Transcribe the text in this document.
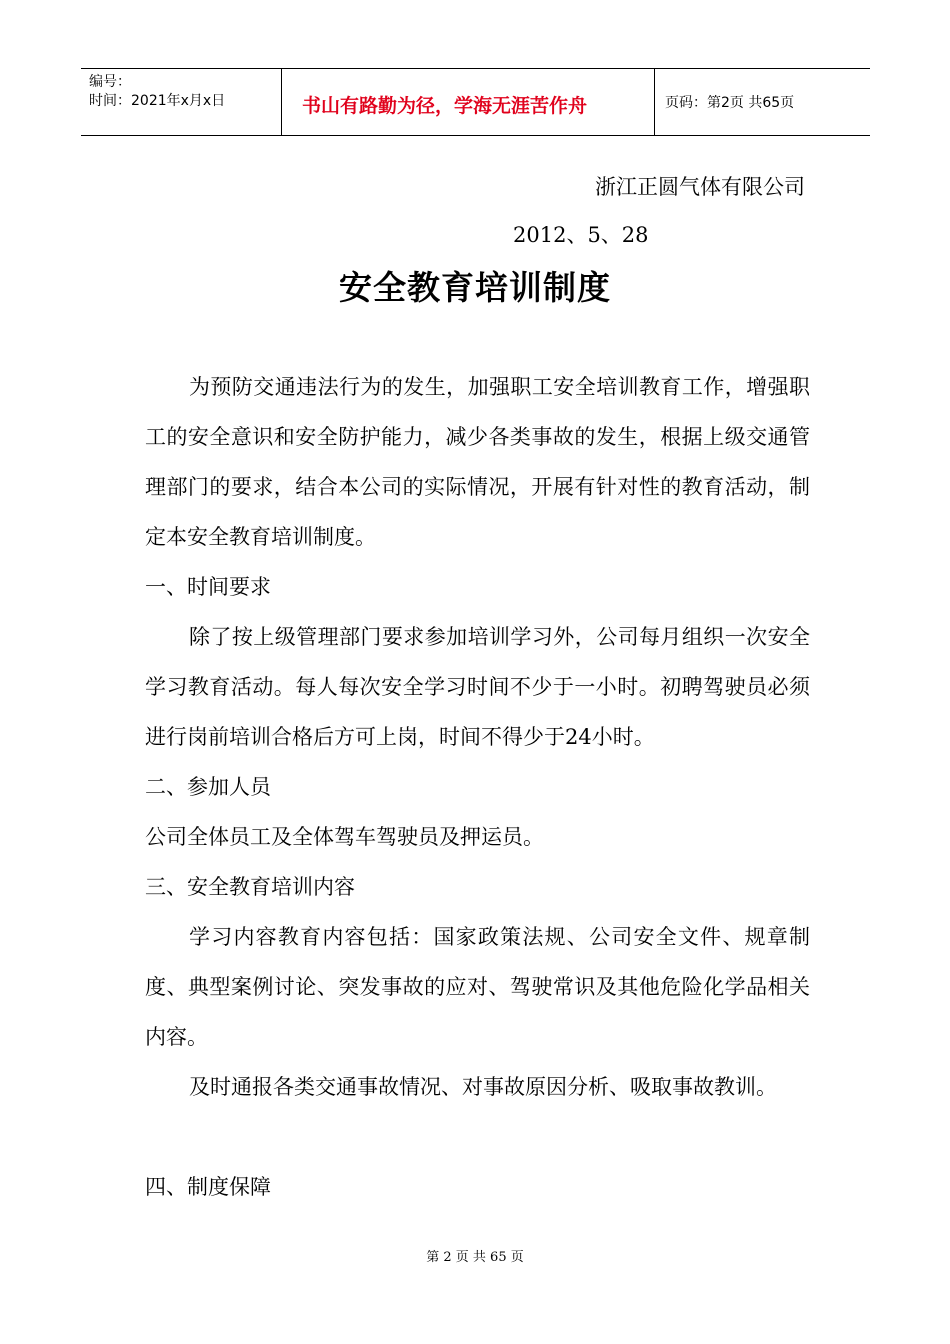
编号：
时间：2021年x月x日	书山有路勤为径，学海无涯苦作舟	页码：第2页 共65页
浙江正圆气体有限公司
2012、5、28
安全教育培训制度

为预防交通违法行为的发生，加强职工安全培训教育工作，增强职工的安全意识和安全防护能力，减少各类事故的发生，根据上级交通管理部门的要求，结合本公司的实际情况，开展有针对性的教育活动，制定本安全教育培训制度。

一、时间要求

除了按上级管理部门要求参加培训学习外，公司每月组织一次安全学习教育活动。每人每次安全学习时间不少于一小时。初聘驾驶员必须进行岗前培训合格后方可上岗，时间不得少于24小时。

二、参加人员

公司全体员工及全体驾车驾驶员及押运员。

三、安全教育培训内容

学习内容教育内容包括：国家政策法规、公司安全文件、规章制度、典型案例讨论、突发事故的应对、驾驶常识及其他危险化学品相关内容。

及时通报各类交通事故情况、对事故原因分析、吸取事故教训。

四、制度保障

第 2 页 共 65 页
